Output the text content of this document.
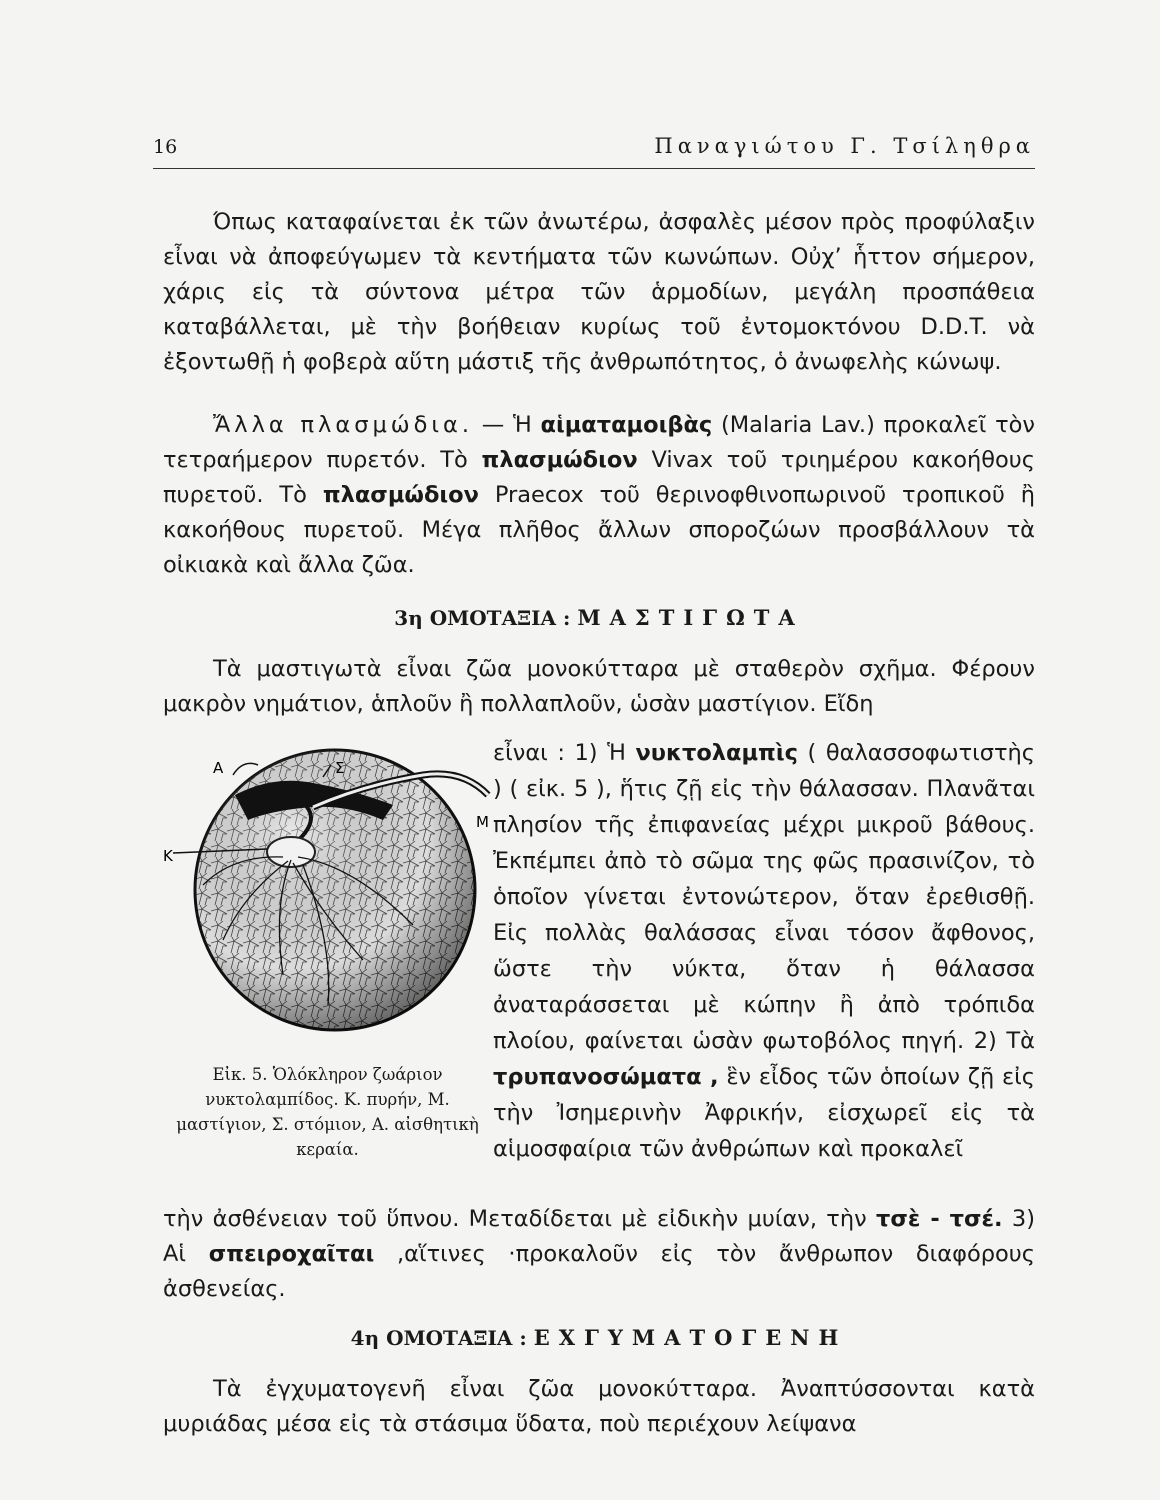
16	Παναγιώτου Γ. Τσίληθρα

Όπως καταφαίνεται ἐκ τῶν ἀνωτέρω, ἀσφαλὲς μέσον πρὸς προφύλαξιν εἶναι νὰ ἀποφεύγωμεν τὰ κεντήματα τῶν κωνώπων. Οὐχ’ ἧττον σήμερον, χάρις εἰς τὰ σύντονα μέτρα τῶν ἁρμοδίων, μεγάλη προσπάθεια καταβάλλεται, μὲ τὴν βοήθειαν κυρίως τοῦ ἐντομοκτόνου D.D.T. νὰ ἐξοντωθῇ ἡ φοβερὰ αὕτη μάστιξ τῆς ἀνθρωπότητος, ὁ ἀνωφελὴς κώνωψ.

Ἄλλα πλασμώδια. — Ἡ αἱματαμοιβὰς (Malaria Lav.) προκαλεῖ τὸν τετραήμερον πυρετόν. Τὸ πλασμώδιον Vivax τοῦ τριημέρου κακοήθους πυρετοῦ. Τὸ πλασμώδιον Praecox τοῦ θερινοφθινοπωρινοῦ τροπικοῦ ἢ κακοήθους πυρετοῦ. Μέγα πλῆθος ἄλλων σποροζώων προσβάλλουν τὰ οἰκιακὰ καὶ ἄλλα ζῶα.

3η ΟΜΟΤΑΞΙΑ : ΜΑΣΤΙΓΩΤΑ

Τὰ μαστιγωτὰ εἶναι ζῶα μονοκύτταρα μὲ σταθερὸν σχῆμα. Φέρουν μακρὸν νημάτιον, ἁπλοῦν ἢ πολλαπλοῦν, ὡσὰν μαστίγιον. Εἴδη

Α	Σ
Μ
Κ

Εἰκ. 5. Ὁλόκληρον ζωάριον νυκτολαμπίδος. Κ. πυρήν, Μ. μαστίγιον, Σ. στόμιον, Α. αἰσθητικὴ κεραία.

εἶναι : 1) Ἡ νυκτολαμπὶς ( θαλασσοφωτιστὴς ) ( εἰκ. 5 ), ἥτις ζῇ εἰς τὴν θάλασσαν. Πλανᾶται πλησίον τῆς ἐπιφανείας μέχρι μικροῦ βάθους. Ἐκπέμπει ἀπὸ τὸ σῶμα της φῶς πρασινίζον, τὸ ὁποῖον γίνεται ἐντονώτερον, ὅταν ἐρεθισθῇ. Εἰς πολλὰς θαλάσσας εἶναι τόσον ἄφθονος, ὥστε τὴν νύκτα, ὅταν ἡ θάλασσα ἀναταράσσεται μὲ κώπην ἢ ἀπὸ τρόπιδα πλοίου, φαίνεται ὡσὰν φωτοβόλος πηγή. 2) Τὰ τρυπανοσώματα , ἓν εἶδος τῶν ὁποίων ζῇ εἰς τὴν Ἰσημερινὴν Ἀφρικήν, εἰσχωρεῖ εἰς τὰ αἱμοσφαίρια τῶν ἀνθρώπων καὶ προκαλεῖ

τὴν ἀσθένειαν τοῦ ὕπνου. Μεταδίδεται μὲ εἰδικὴν μυίαν, τὴν τσὲ - τσέ. 3) Αἱ σπειροχαῖται ,αἵτινες ·προκαλοῦν εἰς τὸν ἄνθρωπον διαφόρους ἀσθενείας.

4η ΟΜΟΤΑΞΙΑ : ΕΧΓΥΜΑΤΟΓΕΝΗ

Τὰ ἐγχυματογενῆ εἶναι ζῶα μονοκύτταρα. Ἀναπτύσσονται κατὰ μυριάδας μέσα εἰς τὰ στάσιμα ὕδατα, ποὺ περιέχουν λείψανα
